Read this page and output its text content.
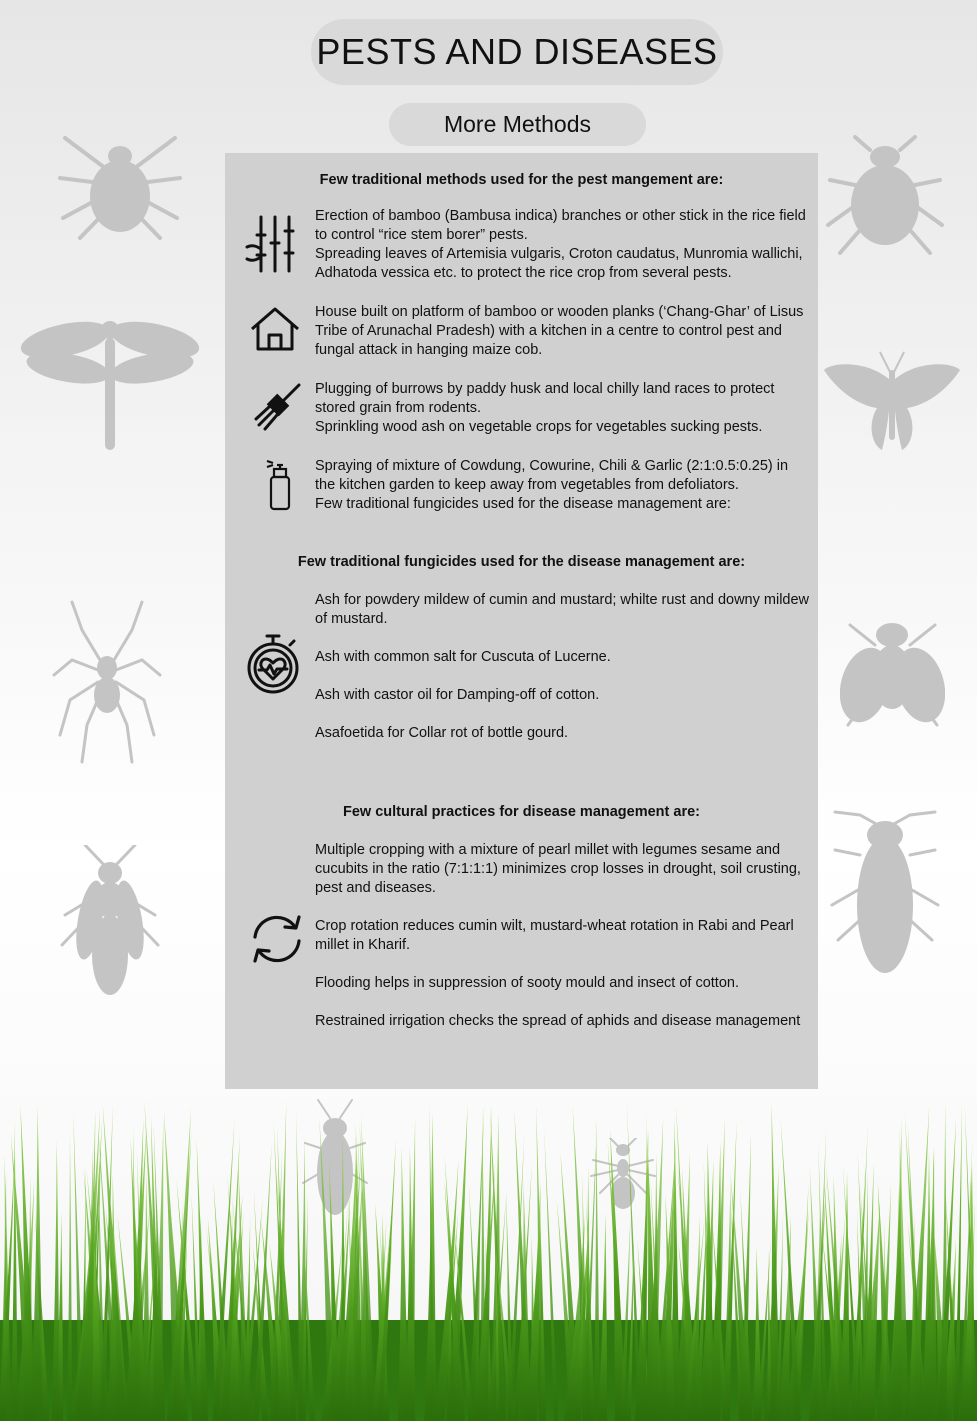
PESTS AND DISEASES
More Methods
Few traditional methods used for the pest mangement are:

Erection of bamboo (Bambusa indica) branches or other stick in the rice field to control “rice stem borer” pests.

Spreading leaves of Artemisia vulgaris, Croton caudatus, Munromia wallichi, Adhatoda vessica etc. to protect the rice crop from several pests.

House built on platform of bamboo or wooden planks (‘Chang-Ghar’ of Lisus Tribe of Arunachal Pradesh) with a kitchen in a centre to control pest and fungal attack in hanging maize cob.

Plugging of burrows by paddy husk and local chilly land races to protect stored grain from rodents.

Sprinkling wood ash on vegetable crops for vegetables sucking pests.

Spraying of mixture of Cowdung, Cowurine, Chili & Garlic (2:1:0.5:0.25) in the kitchen garden to keep away from vegetables from defoliators.

Few traditional fungicides used for the disease management are:

Few traditional fungicides used for the disease management are:

Ash for powdery mildew of cumin and mustard; whilte rust and downy mildew of mustard.

Ash with common salt for Cuscuta of Lucerne.

Ash with castor oil for Damping-off of cotton.

Asafoetida for Collar rot of bottle gourd.

Few cultural practices for disease management are:

Multiple cropping with a mixture of pearl millet with legumes sesame and cucubits in the ratio (7:1:1:1) minimizes crop losses in drought, soil crusting, pest and diseases.

Crop rotation reduces cumin wilt, mustard-wheat rotation in Rabi and Pearl millet in Kharif.

Flooding helps in suppression of sooty mould and insect of cotton.

Restrained irrigation checks the spread of aphids and disease management
